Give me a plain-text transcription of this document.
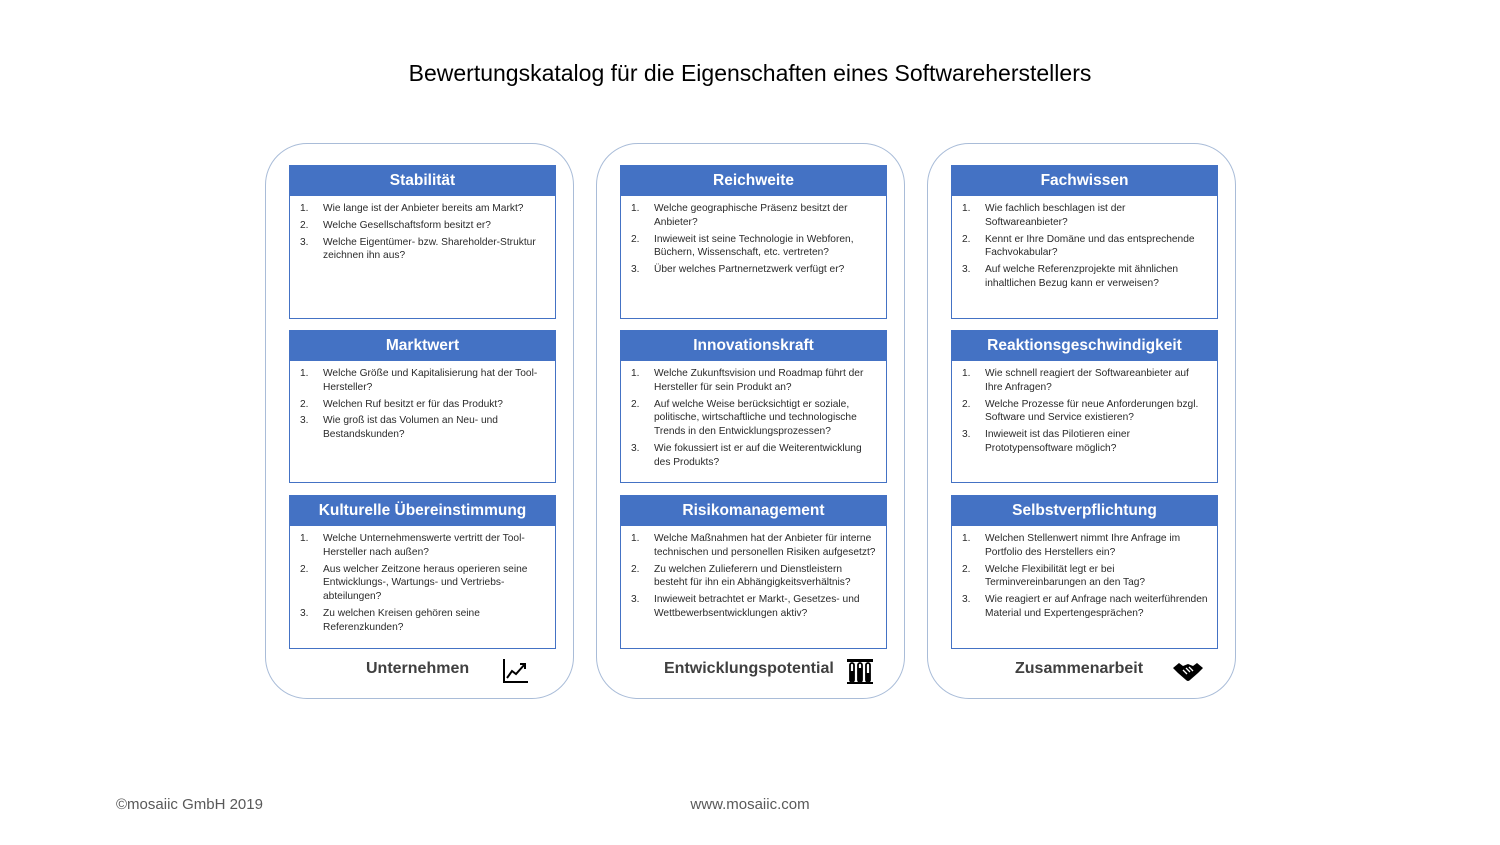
Bewertungskatalog für die Eigenschaften eines Softwareherstellers
Stabilität
1. Wie lange ist der Anbieter bereits am Markt?
2. Welche Gesellschaftsform besitzt er?
3. Welche Eigentümer- bzw. Shareholder-Struktur zeichnen ihn aus?
Marktwert
1. Welche Größe und Kapitalisierung hat der Tool-Hersteller?
2. Welchen Ruf besitzt er für das Produkt?
3. Wie groß ist das Volumen an Neu- und Bestandskunden?
Kulturelle Übereinstimmung
1. Welche Unternehmenswerte vertritt der Tool-Hersteller nach außen?
2. Aus welcher Zeitzone heraus operieren seine Entwicklungs-, Wartungs- und Vertriebs-abteilungen?
3. Zu welchen Kreisen gehören seine Referenzkunden?
Unternehmen
Reichweite
1. Welche geographische Präsenz besitzt der Anbieter?
2. Inwieweit ist seine Technologie in Webforen, Büchern, Wissenschaft, etc. vertreten?
3. Über welches Partnernetzwerk verfügt er?
Innovationskraft
1. Welche Zukunftsvision und Roadmap führt der Hersteller für sein Produkt an?
2. Auf welche Weise berücksichtigt er soziale, politische, wirtschaftliche und technologische Trends in den Entwicklungsprozessen?
3. Wie fokussiert ist er auf die Weiterentwicklung des Produkts?
Risikomanagement
1. Welche Maßnahmen hat der Anbieter für interne technischen und personellen Risiken aufgesetzt?
2. Zu welchen Zulieferern und Dienstleistern besteht für ihn ein Abhängigkeitsverhältnis?
3. Inwieweit betrachtet er Markt-, Gesetzes- und Wettbewerbsentwicklungen aktiv?
Entwicklungspotential
Fachwissen
1. Wie fachlich beschlagen ist der Softwareanbieter?
2. Kennt er Ihre Domäne und das entsprechende Fachvokabular?
3. Auf welche Referenzprojekte mit ähnlichen inhaltlichen Bezug kann er verweisen?
Reaktionsgeschwindigkeit
1. Wie schnell reagiert der Softwareanbieter auf Ihre Anfragen?
2. Welche Prozesse für neue Anforderungen bzgl. Software und Service existieren?
3. Inwieweit ist das Pilotieren einer Prototypensoftware möglich?
Selbstverpflichtung
1. Welchen Stellenwert nimmt Ihre Anfrage im Portfolio des Herstellers ein?
2. Welche Flexibilität legt er bei Terminvereinbarungen an den Tag?
3. Wie reagiert er auf Anfrage nach weiterführenden Material und Expertengesprächen?
Zusammenarbeit
©mosaiic GmbH 2019	www.mosaiic.com
